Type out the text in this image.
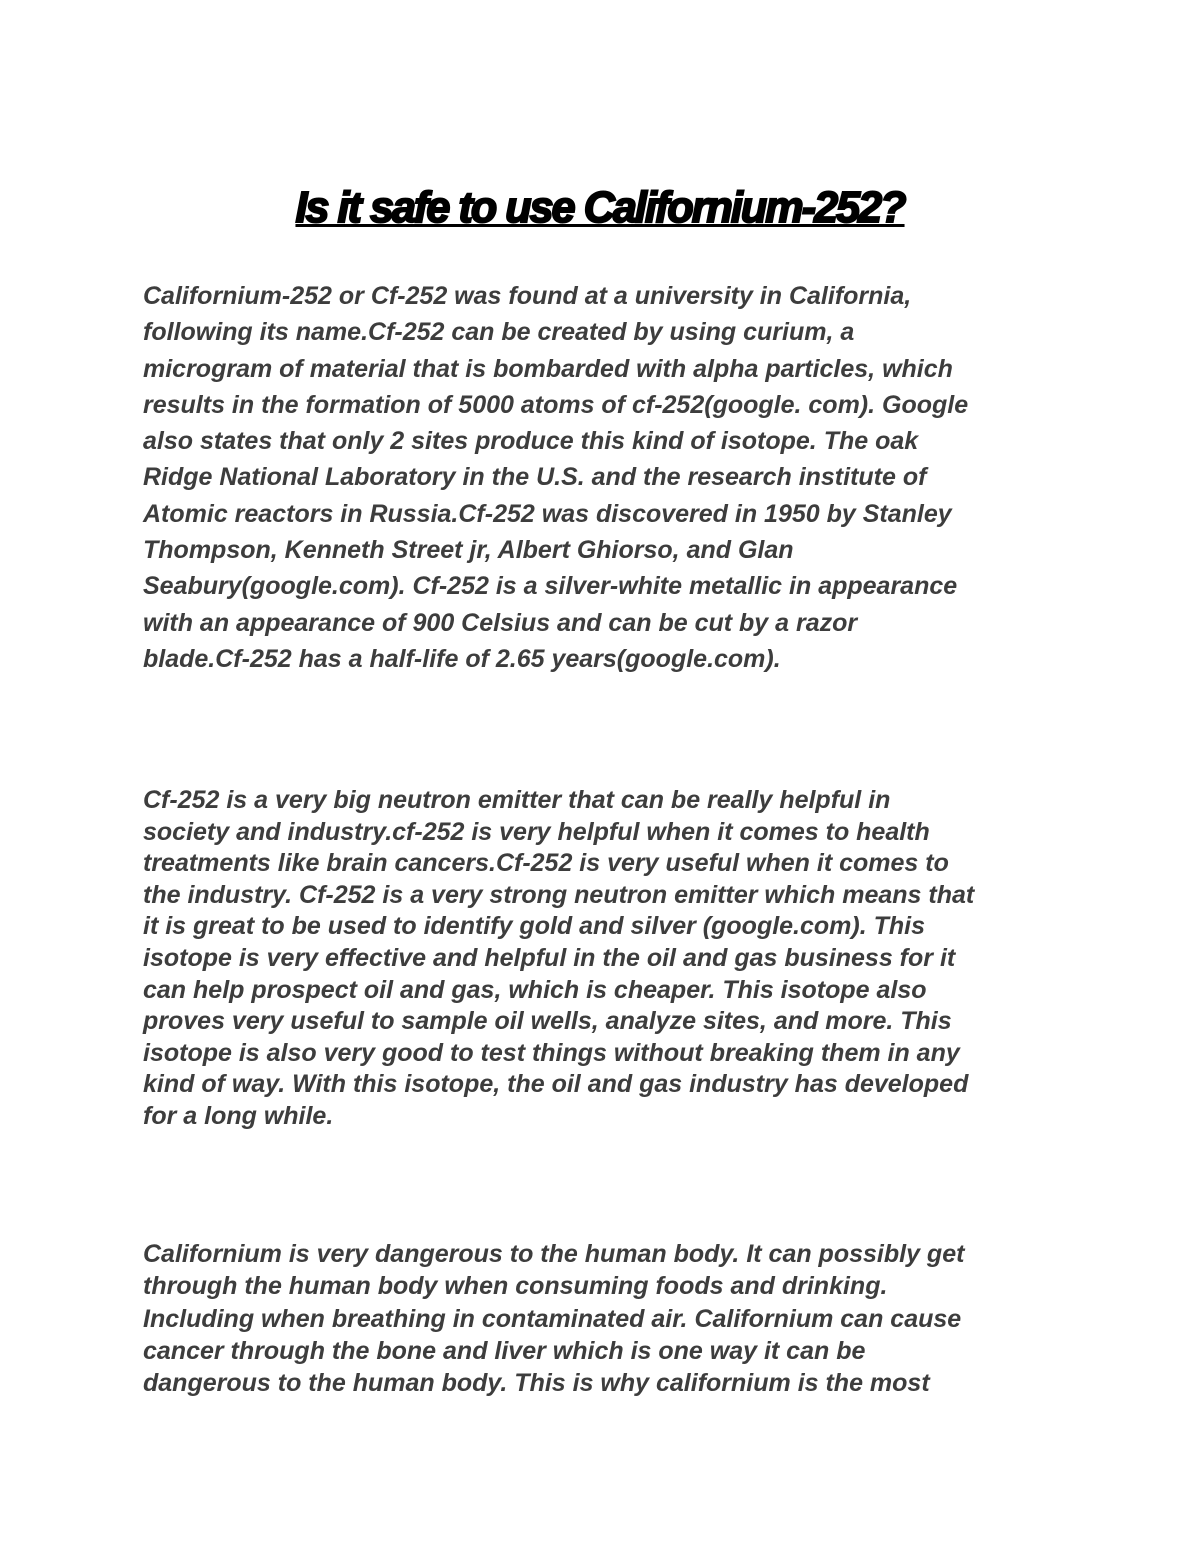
Is it safe to use Californium-252?

Californium-252 or Cf-252 was found at a university in California,
following its name.Cf-252 can be created by using curium, a
microgram of material that is bombarded with alpha particles, which
results in the formation of 5000 atoms of cf-252(google. com). Google
also states that only 2 sites produce this kind of isotope. The oak
Ridge National Laboratory in the U.S. and the research institute of
Atomic reactors in Russia.Cf-252 was discovered in 1950 by Stanley
Thompson, Kenneth Street jr, Albert Ghiorso, and Glan
Seabury(google.com). Cf-252 is a silver-white metallic in appearance
with an appearance of 900 Celsius and can be cut by a razor
blade.Cf-252 has a half-life of 2.65 years(google.com).

Cf-252 is a very big neutron emitter that can be really helpful in
society and industry.cf-252 is very helpful when it comes to health
treatments like brain cancers.Cf-252 is very useful when it comes to
the industry. Cf-252 is a very strong neutron emitter which means that
it is great to be used to identify gold and silver (google.com). This
isotope is very effective and helpful in the oil and gas business for it
can help prospect oil and gas, which is cheaper. This isotope also
proves very useful to sample oil wells, analyze sites, and more. This
isotope is also very good to test things without breaking them in any
kind of way. With this isotope, the oil and gas industry has developed
for a long while.

Californium is very dangerous to the human body. It can possibly get
through the human body when consuming foods and drinking.
Including when breathing in contaminated air. Californium can cause
cancer through the bone and liver which is one way it can be
dangerous to the human body. This is why californium is the most
